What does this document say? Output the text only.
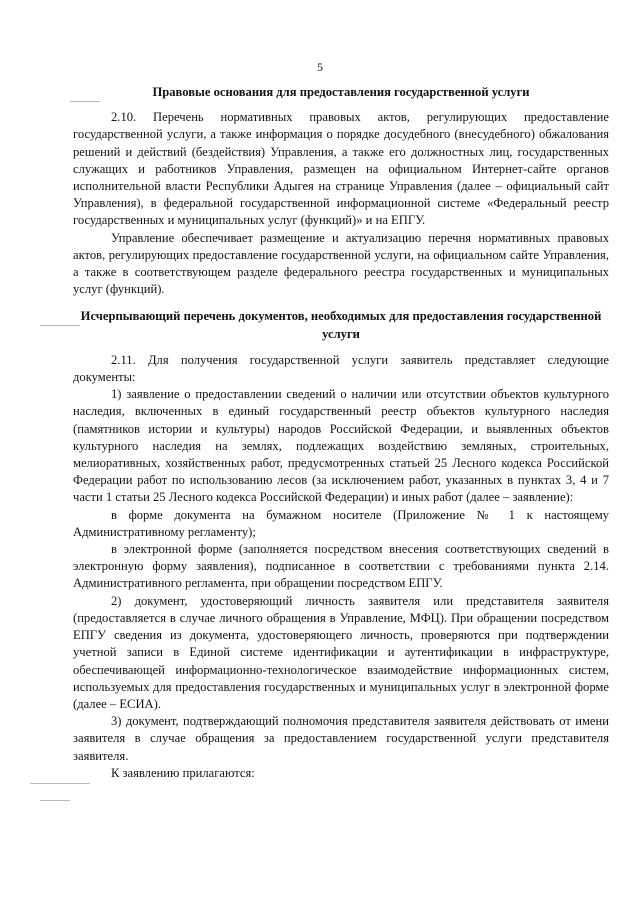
5
Правовые основания для предоставления государственной услуги

2.10. Перечень нормативных правовых актов, регулирующих предоставление государственной услуги, а также информация о порядке досудебного (внесудебного) обжалования решений и действий (бездействия) Управления, а также его должностных лиц, государственных служащих и работников Управления, размещен на официальном Интернет-сайте органов исполнительной власти Республики Адыгея на странице Управления (далее – официальный сайт Управления), в федеральной государственной информационной системе «Федеральный реестр государственных и муниципальных услуг (функций)» и на ЕПГУ.

Управление обеспечивает размещение и актуализацию перечня нормативных правовых актов, регулирующих предоставление государственной услуги, на официальном сайте Управления, а также в соответствующем разделе федерального реестра государственных и муниципальных услуг (функций).

Исчерпывающий перечень документов, необходимых для предоставления государственной услуги

2.11. Для получения государственной услуги заявитель представляет следующие документы:

1) заявление о предоставлении сведений о наличии или отсутствии объектов культурного наследия, включенных в единый государственный реестр объектов культурного наследия (памятников истории и культуры) народов Российской Федерации, и выявленных объектов культурного наследия на землях, подлежащих воздействию земляных, строительных, мелиоративных, хозяйственных работ, предусмотренных статьей 25 Лесного кодекса Российской Федерации работ по использованию лесов (за исключением работ, указанных в пунктах 3, 4 и 7 части 1 статьи 25 Лесного кодекса Российской Федерации) и иных работ (далее – заявление):

в форме документа на бумажном носителе (Приложение № 1 к настоящему Административному регламенту);

в электронной форме (заполняется посредством внесения соответствующих сведений в электронную форму заявления), подписанное в соответствии с требованиями пункта 2.14. Административного регламента, при обращении посредством ЕПГУ.

2) документ, удостоверяющий личность заявителя или представителя заявителя (предоставляется в случае личного обращения в Управление, МФЦ). При обращении посредством ЕПГУ сведения из документа, удостоверяющего личность, проверяются при подтверждении учетной записи в Единой системе идентификации и аутентификации в инфраструктуре, обеспечивающей информационно-технологическое взаимодействие информационных систем, используемых для предоставления государственных и муниципальных услуг в электронной форме (далее – ЕСИА).

3) документ, подтверждающий полномочия представителя заявителя действовать от имени заявителя в случае обращения за предоставлением государственной услуги представителя заявителя.

К заявлению прилагаются:
